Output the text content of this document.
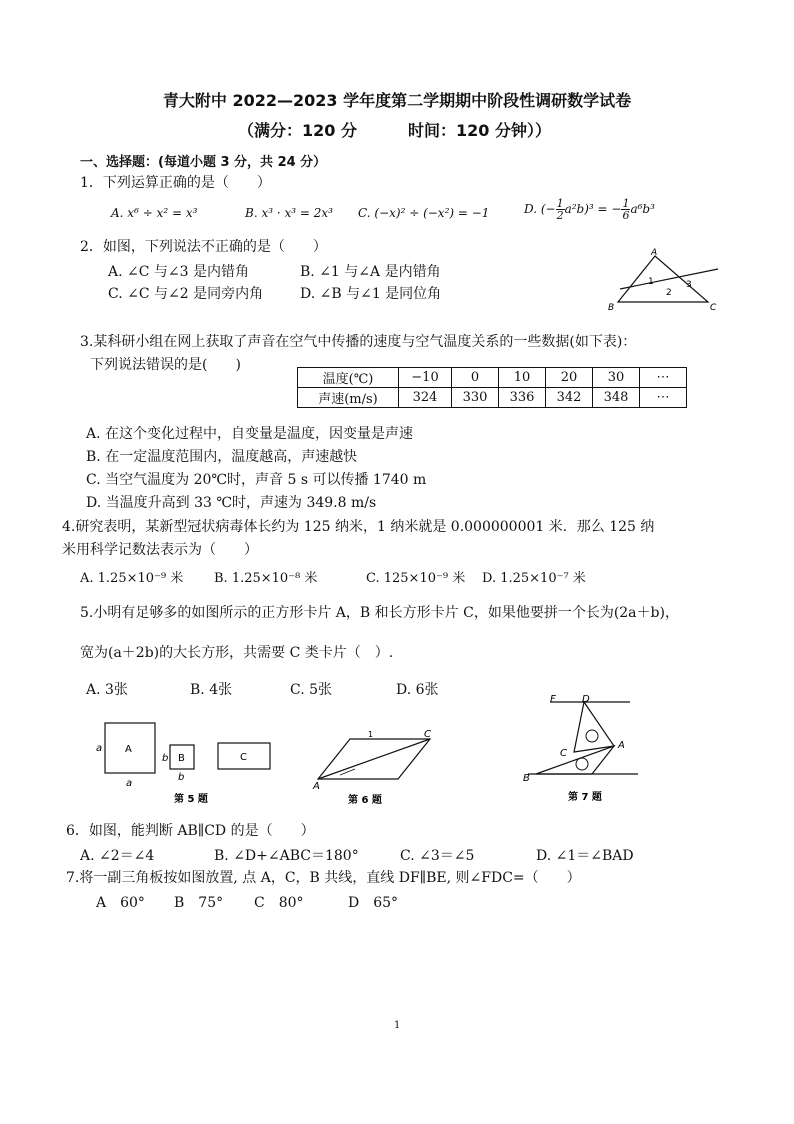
青大附中 2022—2023 学年度第二学期期中阶段性调研数学试卷
（满分：120 分	时间：120 分钟））
一、选择题：(每道小题 3 分，共 24 分）
1．下列运算正确的是（　　）
A. x⁶ ÷ x² = x³	B. x³ · x³ = 2x³ C. (−x)² ÷ (−x²) = −1	D. (− $\frac{1}{2} a^2b)^3$ = − $\frac{1}{6} a^6b^3$
2．如图，下列说法不正确的是（　　）
A. ∠C 与∠3 是内错角	B. ∠1 与∠A 是内错角
C. ∠C 与∠2 是同旁内角	D. ∠B 与∠1 是同位角
A
B	C
1
2
3
3.某科研小组在网上获取了声音在空气中传播的速度与空气温度关系的一些数据(如下表)：
下列说法错误的是(　　)
温度(℃)	−10	0	10	20	30	⋯
声速(m/s)	324	330	336	342	348	⋯
A. 在这个变化过程中，自变量是温度，因变量是声速
B. 在一定温度范围内，温度越高，声速越快
C. 当空气温度为 20℃时，声音 5 s 可以传播 1740 m
D. 当温度升高到 33 ℃时，声速为 349.8 m/s
4.研究表明，某新型冠状病毒体长约为 125 纳米，1 纳米就是 0.000000001 米．那么 125 纳
米用科学记数法表示为（　　）
A. 1.25×10⁻⁹ 米 B. 1.25×10⁻⁸ 米	C. 125×10⁻⁹ 米 D. 1.25×10⁻⁷ 米
5.小明有足够多的如图所示的正方形卡片 A，B 和长方形卡片 C，如果他要拼一个长为(2a＋b)，
宽为(a＋2b)的大长方形，共需要 C 类卡片（　）.
A. 3张	B. 4张	C. 5张	D. 6张
A
B	C
a
a
b
b
第 5 题
C
A
1
第 6 题
F	D
C
A
B
第 7 题
6．如图，能判断 AB∥CD 的是（　　）
A. ∠2＝∠4	B. ∠D+∠ABC＝180°	C. ∠3＝∠5	D. ∠1＝∠BAD
7.将一副三角板按如图放置, 点 A，C，B 共线，直线 DF∥BE, 则∠FDC=（　　）
A　60° B　75° C　80°	D　65°
1
